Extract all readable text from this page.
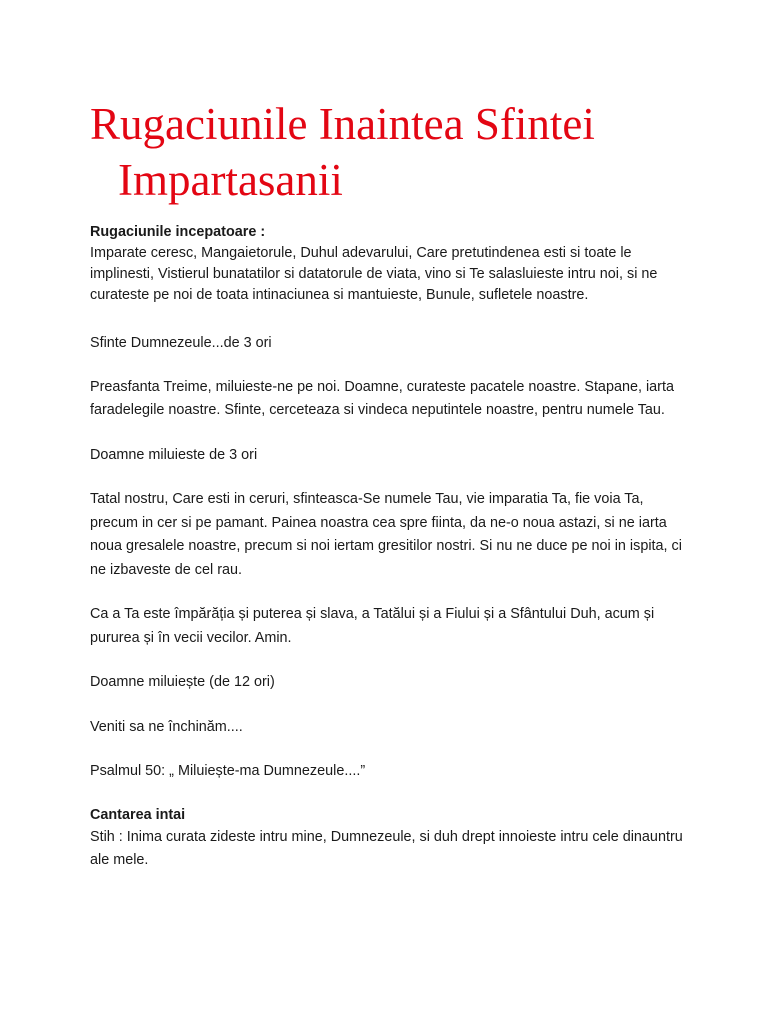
Rugaciunile Inaintea Sfintei
Impartasanii
Rugaciunile incepatoare :

Imparate ceresc, Mangaietorule, Duhul adevarului, Care pretutindenea esti si toate le implinesti, Vistierul bunatatilor si datatorule de viata, vino si Te salasluieste intru noi, si ne curateste pe noi de toata intinaciunea si mantuieste, Bunule, sufletele noastre.

Sfinte Dumnezeule...de 3 ori

Preasfanta Treime, miluieste-ne pe noi. Doamne, curateste pacatele noastre. Stapane, iarta faradelegile noastre. Sfinte, cerceteaza si vindeca neputintele noastre, pentru numele Tau.

Doamne miluieste de 3 ori

Tatal nostru, Care esti in ceruri, sfinteasca-Se numele Tau, vie imparatia Ta, fie voia Ta, precum in cer si pe pamant. Painea noastra cea spre fiinta, da ne-o noua astazi, si ne iarta noua gresalele noastre, precum si noi iertam gresitilor nostri. Si nu ne duce pe noi in ispita, ci ne izbaveste de cel rau.

Ca a Ta este împărăția și puterea și slava, a Tatălui și a Fiului și a Sfântului Duh, acum și pururea și în vecii vecilor. Amin.

Doamne miluiește (de 12 ori)

Veniti sa ne închinăm....

Psalmul 50: „ Miluiește-ma Dumnezeule....”

Cantarea intai

Stih : Inima curata zideste intru mine, Dumnezeule, si duh drept innoieste intru cele dinauntru ale mele.
